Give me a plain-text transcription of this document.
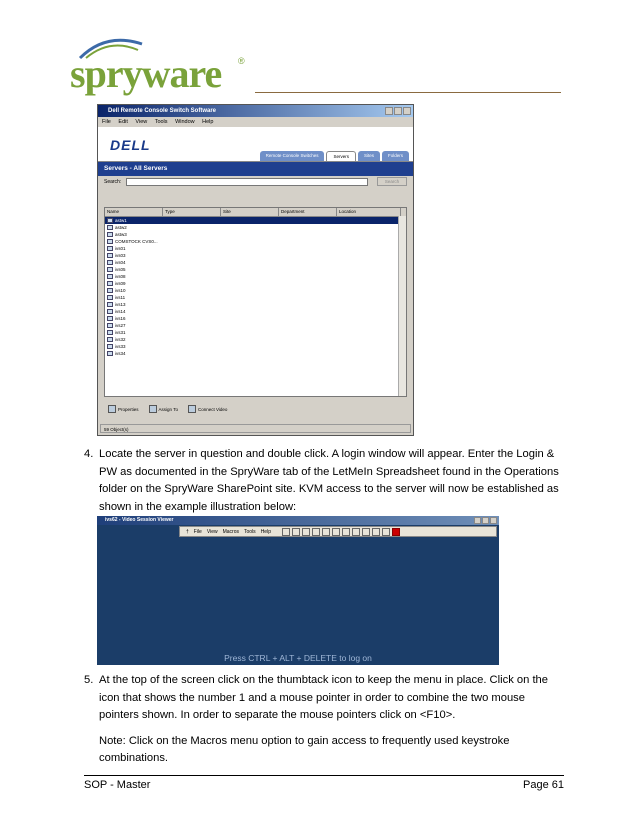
spryware ®
Dell Remote Console Switch Software
File Edit View Tools Window Help
DELL
Remote Console Switches	Servers	Sites	Folders
Servers - All Servers
Search:	Search
Name	Type	Site	Department	Location
astw1
astw2
astw3
COMSTOCK CVS0...
ivs01
ivs03
ivs04
ivs05
ivs08
ivs09
ivs10
ivs11
ivs13
ivs14
ivs16
ivs27
ivs31
ivs32
ivs33
ivs34
Properties	Assign To	Connect Video
59 Object(s)
4. Locate the server in question and double click. A login window will appear. Enter the Login & PW as documented in the SpryWare tab of the LetMeIn Spreadsheet found in the Operations folder on the SpryWare SharePoint site. KVM access to the server will now be established as shown in the example illustration below:
ivs62 - Video Session Viewer
† File View Macros Tools Help
Press CTRL + ALT + DELETE to log on
5. At the top of the screen click on the thumbtack icon to keep the menu in place. Click on the icon that shows the number 1 and a mouse pointer in order to combine the two mouse pointers shown. In order to separate the mouse pointers click on <F10>.
Note: Click on the Macros menu option to gain access to frequently used keystroke combinations.
SOP - Master	Page 61
